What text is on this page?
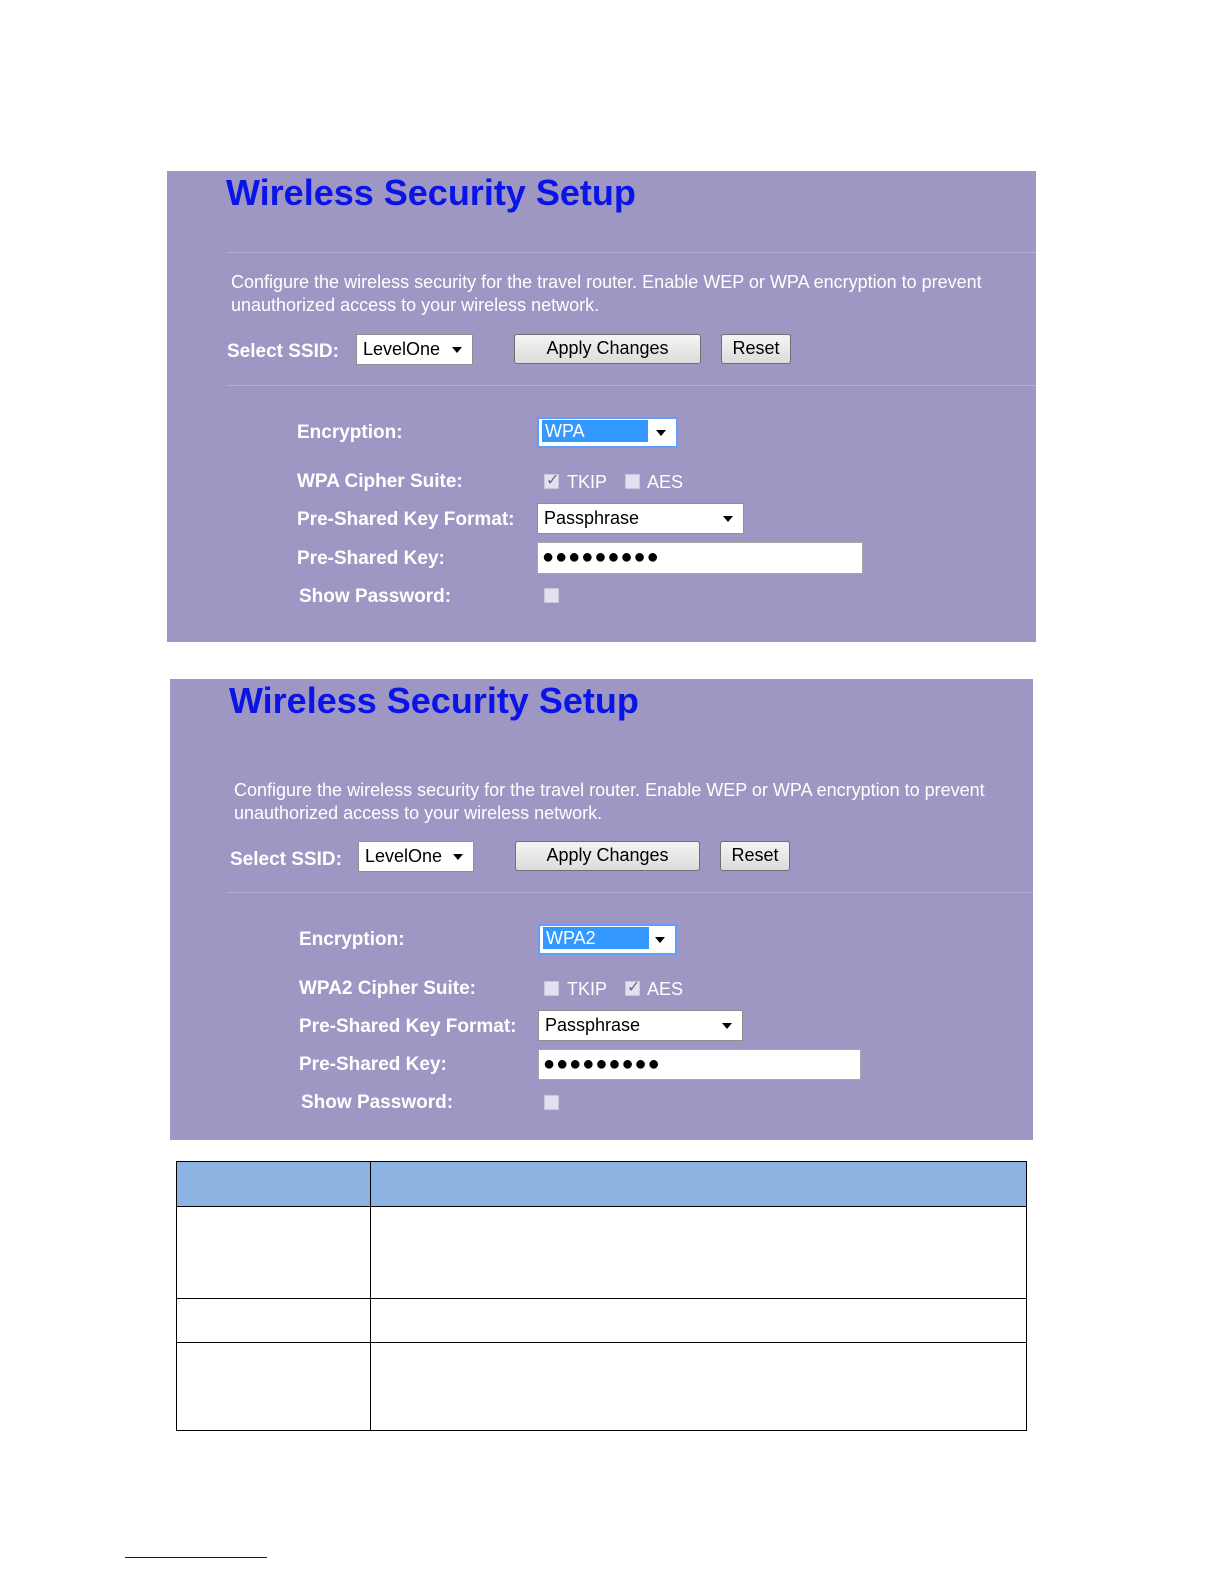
Wireless Security Setup
Configure the wireless security for the travel router. Enable WEP or WPA encryption to prevent
unauthorized access to your wireless network.
Select SSID:	LevelOne	Apply Changes	Reset
Encryption:	WPA
WPA Cipher Suite: ✓	TKIP AES
Pre-Shared Key Format:	Passphrase
Pre-Shared Key:	●●●●●●●●●
Show Password:
Wireless Security Setup
Configure the wireless security for the travel router. Enable WEP or WPA encryption to prevent
unauthorized access to your wireless network.
Select SSID:	LevelOne	Apply Changes	Reset
Encryption:	WPA2
WPA2 Cipher Suite:	TKIP ✓ AES
Pre-Shared Key Format:	Passphrase
Pre-Shared Key:	●●●●●●●●●
Show Password:
